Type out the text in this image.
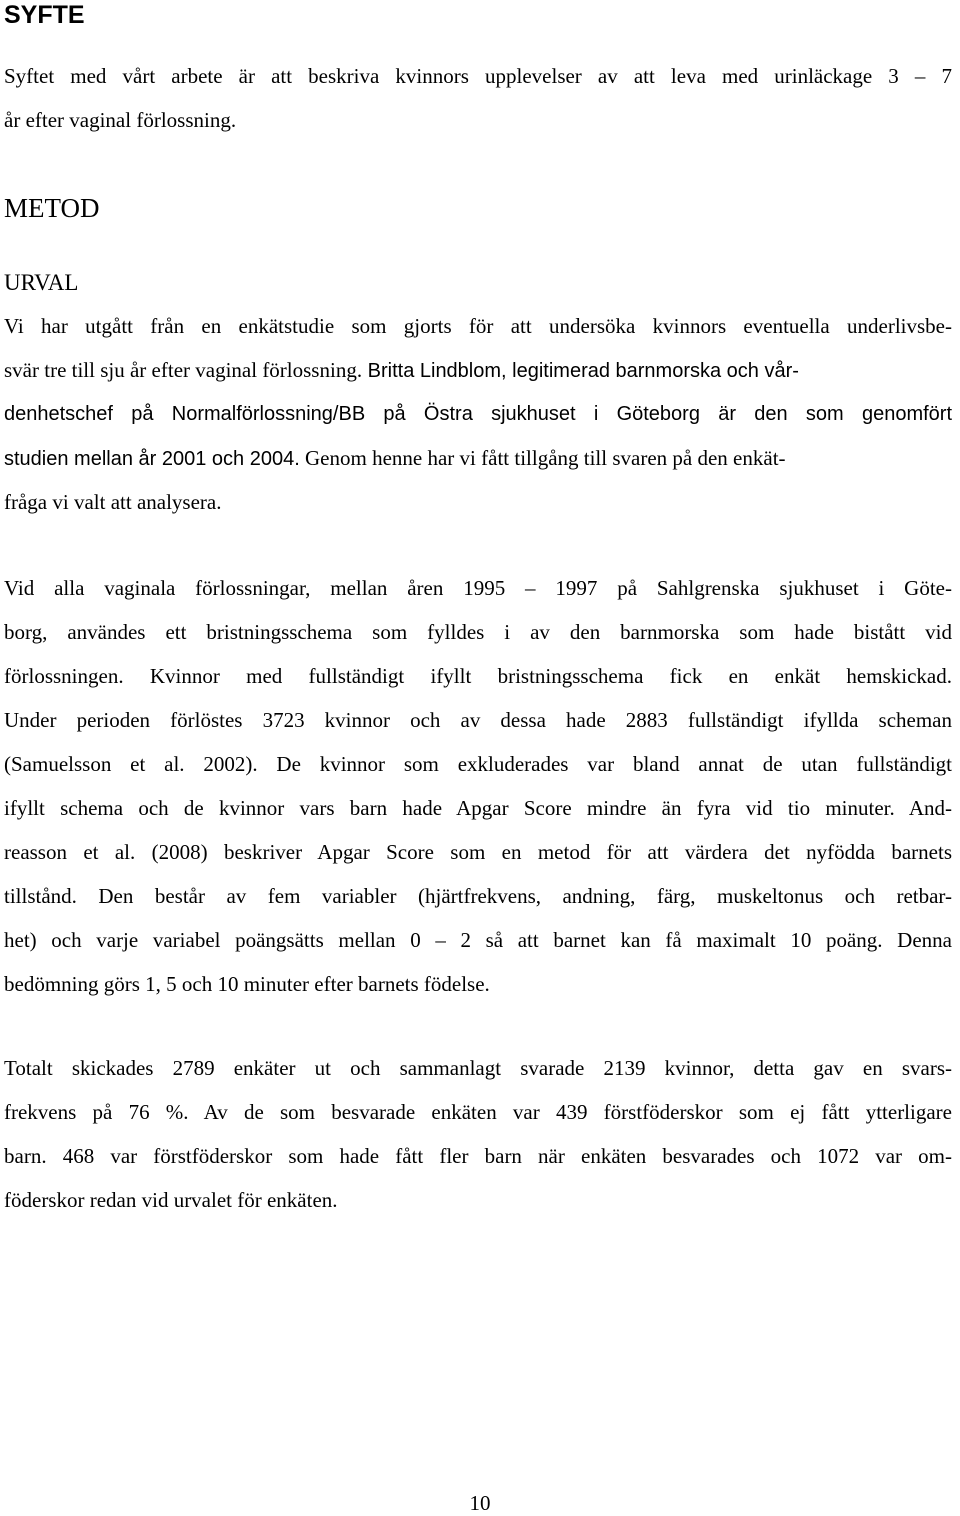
SYFTE
Syftet med vårt arbete är att beskriva kvinnors upplevelser av att leva med urinläckage 3 – 7
år efter vaginal förlossning.
METOD
URVAL
Vi har utgått från en enkätstudie som gjorts för att undersöka kvinnors eventuella underlivsbe-
svär tre till sju år efter vaginal förlossning. Britta Lindblom, legitimerad barnmorska och vår-
denhetschef på Normalförlossning/BB på Östra sjukhuset i Göteborg är den som genomfört
studien mellan år 2001 och 2004. Genom henne har vi fått tillgång till svaren på den enkät-
fråga vi valt att analysera.
Vid alla vaginala förlossningar, mellan åren 1995 – 1997 på Sahlgrenska sjukhuset i Göte-
borg, användes ett bristningsschema som fylldes i av den barnmorska som hade bistått vid
förlossningen. Kvinnor med fullständigt ifyllt bristningsschema fick en enkät hemskickad.
Under perioden förlöstes 3723 kvinnor och av dessa hade 2883 fullständigt ifyllda scheman
(Samuelsson et al. 2002). De kvinnor som exkluderades var bland annat de utan fullständigt
ifyllt schema och de kvinnor vars barn hade Apgar Score mindre än fyra vid tio minuter. And-
reasson et al. (2008) beskriver Apgar Score som en metod för att värdera det nyfödda barnets
tillstånd. Den består av fem variabler (hjärtfrekvens, andning, färg, muskeltonus och retbar-
het) och varje variabel poängsätts mellan 0 – 2 så att barnet kan få maximalt 10 poäng. Denna
bedömning görs 1, 5 och 10 minuter efter barnets födelse.
Totalt skickades 2789 enkäter ut och sammanlagt svarade 2139 kvinnor, detta gav en svars-
frekvens på 76 %. Av de som besvarade enkäten var 439 förstföderskor som ej fått ytterligare
barn. 468 var förstföderskor som hade fått fler barn när enkäten besvarades och 1072 var om-
föderskor redan vid urvalet för enkäten.
10
